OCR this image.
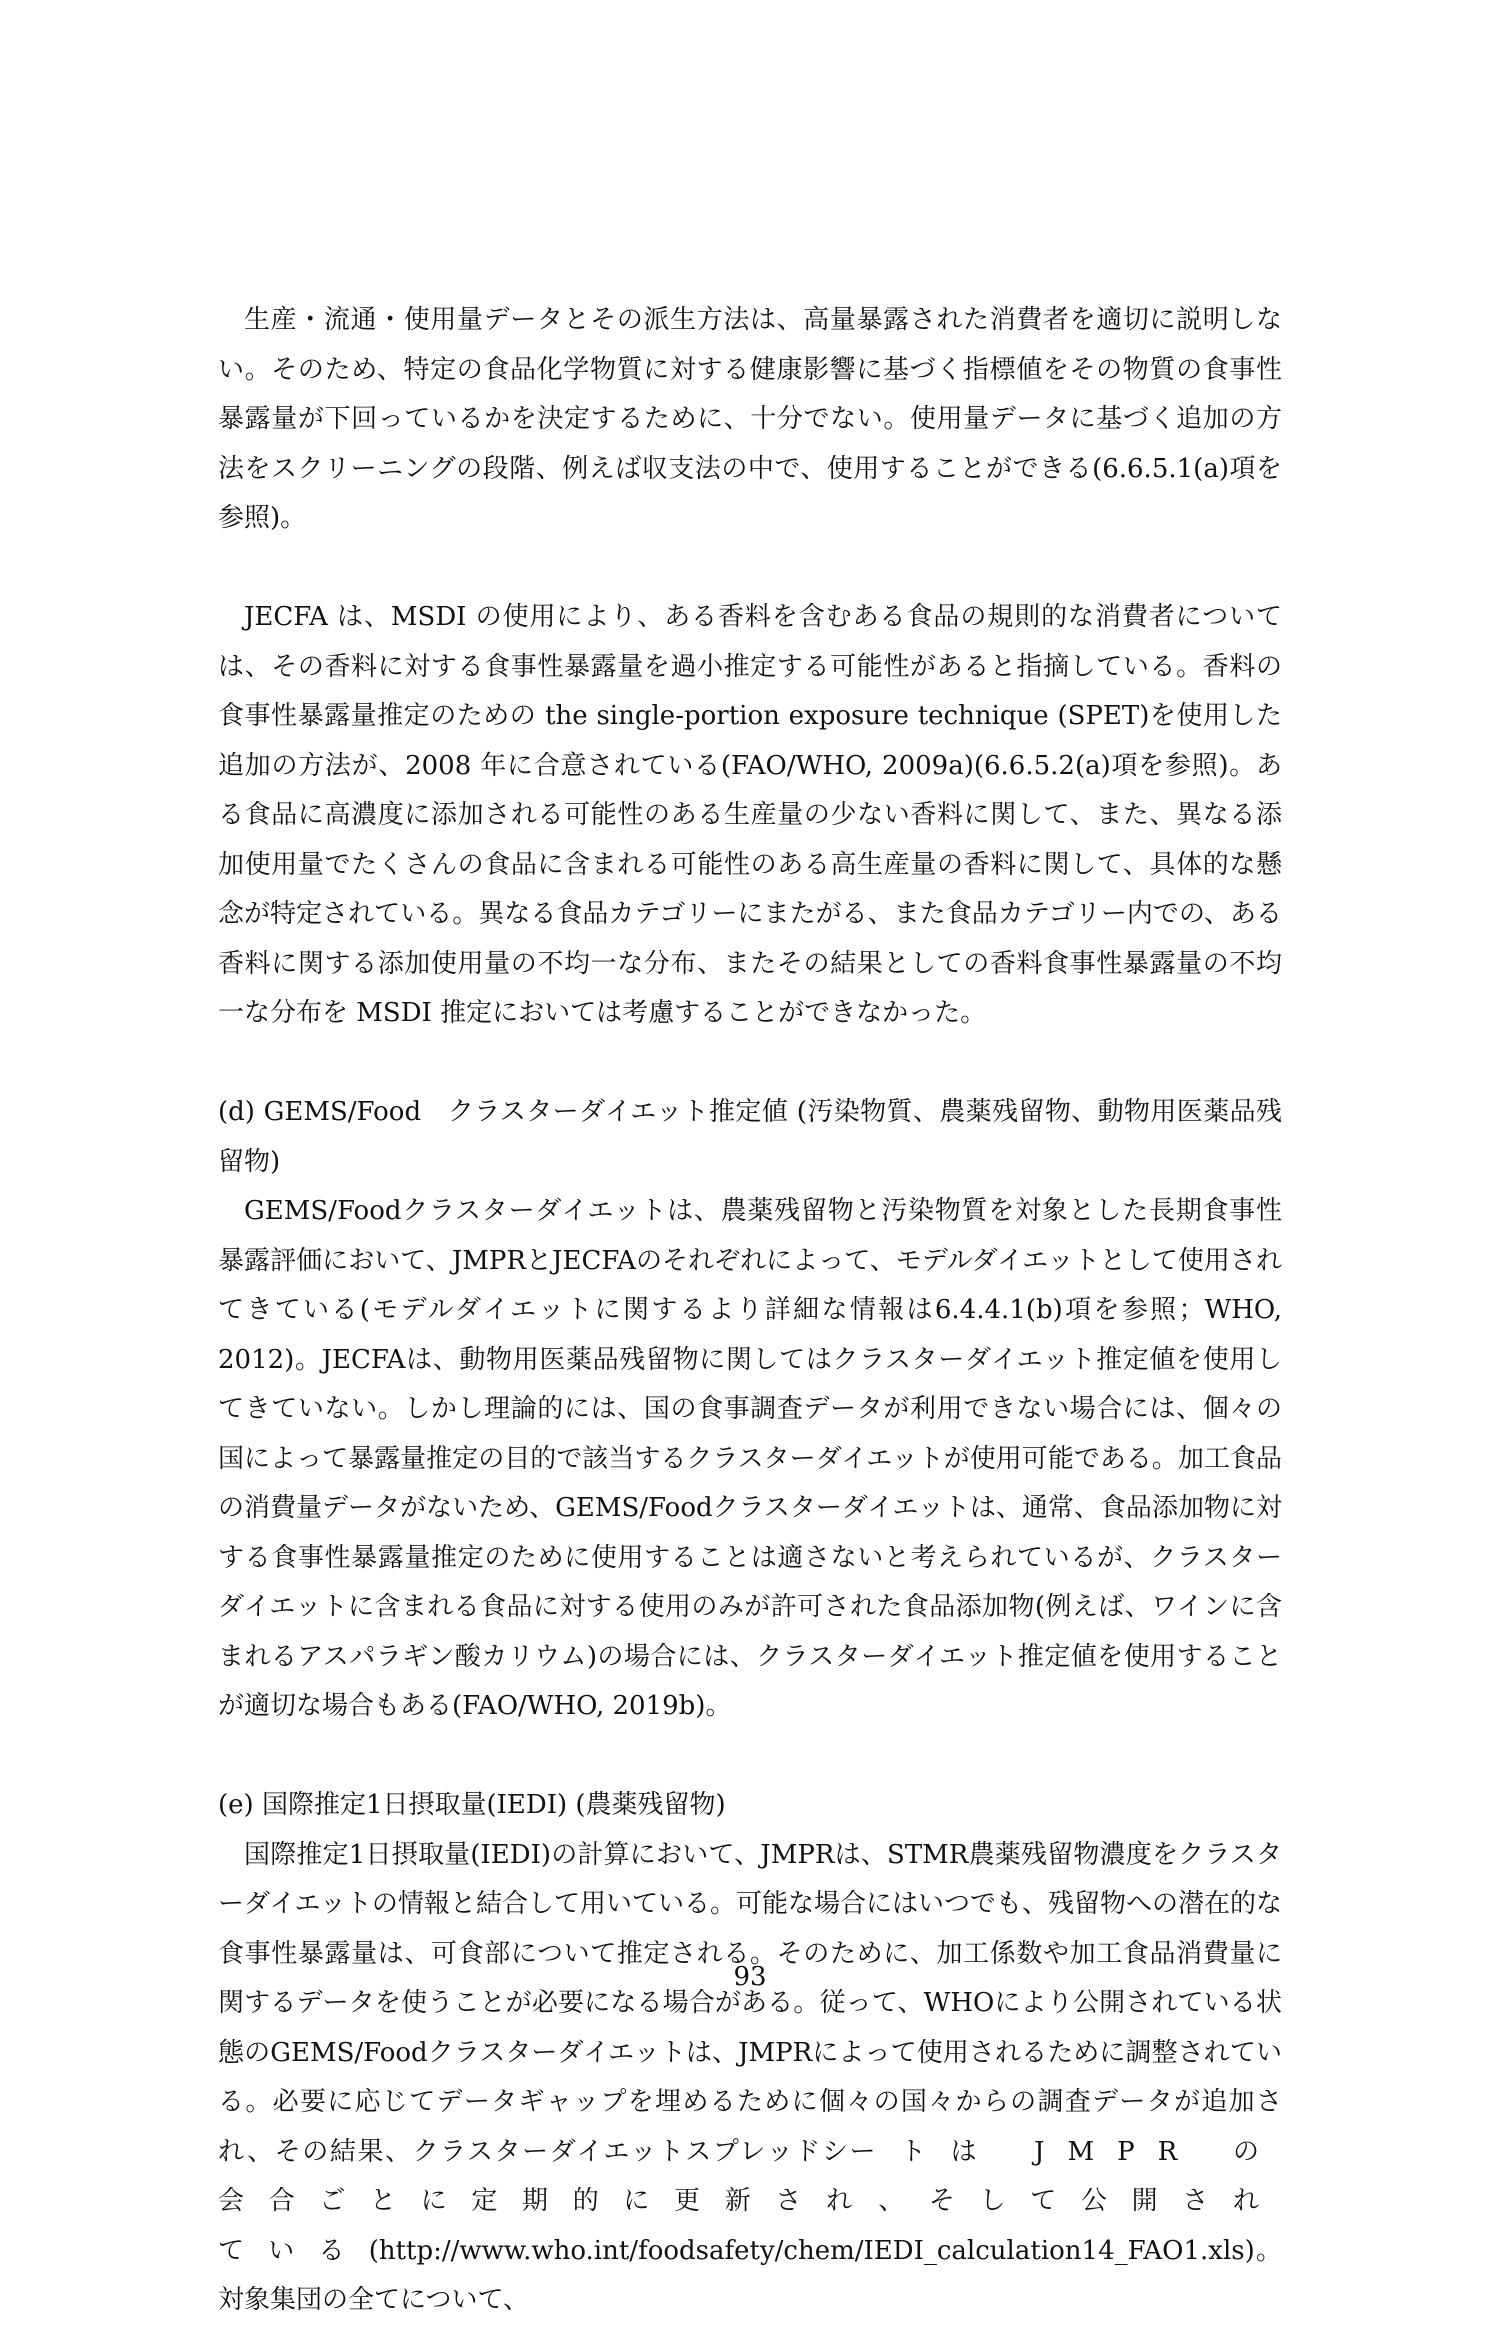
生産・流通・使用量データとその派生方法は、高量暴露された消費者を適切に説明しない。そのため、特定の食品化学物質に対する健康影響に基づく指標値をその物質の食事性暴露量が下回っているかを決定するために、十分でない。使用量データに基づく追加の方法をスクリーニングの段階、例えば収支法の中で、使用することができる(6.6.5.1(a)項を参照)。

JECFA は、MSDI の使用により、ある香料を含むある食品の規則的な消費者については、その香料に対する食事性暴露量を過小推定する可能性があると指摘している。香料の食事性暴露量推定のための the single-portion exposure technique (SPET)を使用した追加の方法が、2008 年に合意されている(FAO/WHO, 2009a)(6.6.5.2(a)項を参照)。ある食品に高濃度に添加される可能性のある生産量の少ない香料に関して、また、異なる添加使用量でたくさんの食品に含まれる可能性のある高生産量の香料に関して、具体的な懸念が特定されている。異なる食品カテゴリーにまたがる、また食品カテゴリー内での、ある香料に関する添加使用量の不均一な分布、またその結果としての香料食事性暴露量の不均一な分布を MSDI 推定においては考慮することができなかった。

(d) GEMS/Food　クラスターダイエット推定値 (汚染物質、農薬残留物、動物用医薬品残留物)

GEMS/Foodクラスターダイエットは、農薬残留物と汚染物質を対象とした長期食事性暴露評価において、JMPRとJECFAのそれぞれによって、モデルダイエットとして使用されてきている(モデルダイエットに関するより詳細な情報は6.4.4.1(b)項を参照；WHO, 2012)。JECFAは、動物用医薬品残留物に関してはクラスターダイエット推定値を使用してきていない。しかし理論的には、国の食事調査データが利用できない場合には、個々の国によって暴露量推定の目的で該当するクラスターダイエットが使用可能である。加工食品の消費量データがないため、GEMS/Foodクラスターダイエットは、通常、食品添加物に対する食事性暴露量推定のために使用することは適さないと考えられているが、クラスターダイエットに含まれる食品に対する使用のみが許可された食品添加物(例えば、ワインに含まれるアスパラギン酸カリウム)の場合には、クラスターダイエット推定値を使用することが適切な場合もある(FAO/WHO, 2019b)。

(e) 国際推定1日摂取量(IEDI) (農薬残留物)

国際推定1日摂取量(IEDI)の計算において、JMPRは、STMR農薬残留物濃度をクラスターダイエットの情報と結合して用いている。可能な場合にはいつでも、残留物への潜在的な食事性暴露量は、可食部について推定される。そのために、加工係数や加工食品消費量に関するデータを使うことが必要になる場合がある。従って、WHOにより公開されている状態のGEMS/Foodクラスターダイエットは、JMPRによって使用されるために調整されている。必要に応じてデータギャップを埋めるために個々の国々からの調査データが追加され、その結果、クラスターダイエットスプレッドシートは JMPR の会合ごとに定期的に更新され、そして公開されている(http://www.who.int/foodsafety/chem/IEDI_calculation14_FAO1.xls)。対象集団の全てについて、

93
